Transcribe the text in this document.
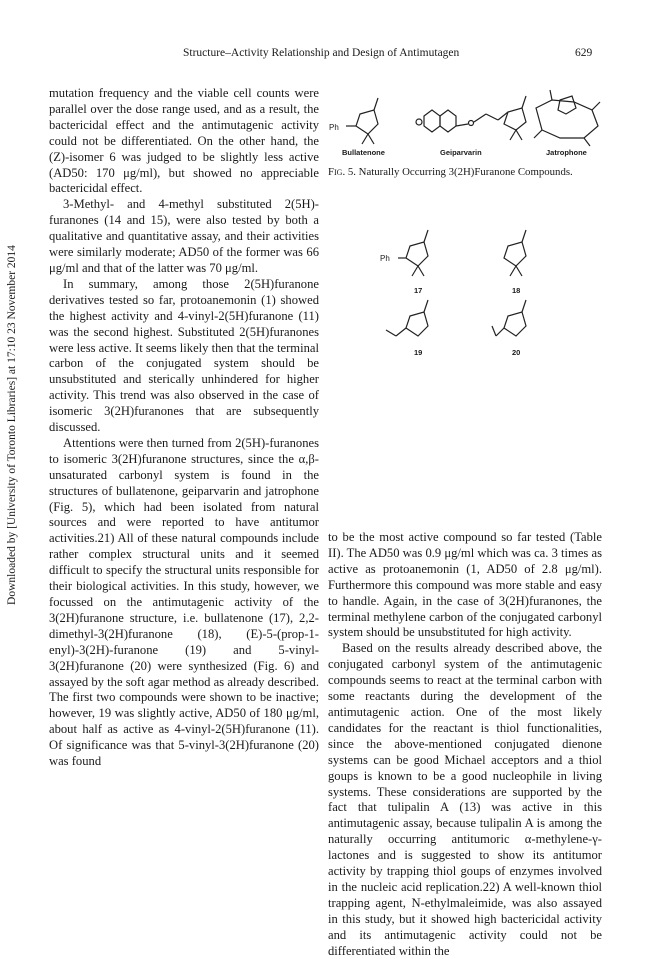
Structure–Activity Relationship and Design of Antimutagen	629
Downloaded by [University of Toronto Libraries] at 17:10 23 November 2014

mutation frequency and the viable cell counts were parallel over the dose range used, and as a result, the bactericidal effect and the antimutagenic activity could not be differentiated. On the other hand, the (Z)-isomer 6 was judged to be slightly less active (AD50: 170 μg/ml), but showed no appreciable bactericidal effect.

3-Methyl- and 4-methyl substituted 2(5H)-furanones (14 and 15), were also tested by both a qualitative and quantitative assay, and their activities were similarly moderate; AD50 of the former was 66 μg/ml and that of the latter was 70 μg/ml.

In summary, among those 2(5H)furanone derivatives tested so far, protoanemonin (1) showed the highest activity and 4-vinyl-2(5H)furanone (11) was the second highest. Substituted 2(5H)furanones were less active. It seems likely then that the terminal carbon of the conjugated system should be unsubstituted and sterically unhindered for higher activity. This trend was also observed in the case of isomeric 3(2H)furanones that are subsequently discussed.

Attentions were then turned from 2(5H)-furanones to isomeric 3(2H)furanone structures, since the α,β-unsaturated carbonyl system is found in the structures of bullatenone, geiparvarin and jatrophone (Fig. 5), which had been isolated from natural sources and were reported to have antitumor activities.21) All of these natural compounds include rather complex structural units and it seemed difficult to specify the structural units responsible for their biological activities. In this study, however, we focussed on the antimutagenic activity of the 3(2H)furanone structure, i.e. bullatenone (17), 2,2-dimethyl-3(2H)furanone (18), (E)-5-(prop-1-enyl)-3(2H)-furanone (19) and 5-vinyl-3(2H)furanone (20) were synthesized (Fig. 6) and assayed by the soft agar method as already described. The first two compounds were shown to be inactive; however, 19 was slightly active, AD50 of 180 μg/ml, about half as active as 4-vinyl-2(5H)furanone (11). Of significance was that 5-vinyl-3(2H)furanone (20) was found

Ph
Bullatenone	Geiparvarin	Jatrophone
Fig. 5. Naturally Occurring 3(2H)Furanone Compounds.
Ph
17	18
19	20

to be the most active compound so far tested (Table II). The AD50 was 0.9 μg/ml which was ca. 3 times as active as protoanemonin (1, AD50 of 2.8 μg/ml). Furthermore this compound was more stable and easy to handle. Again, in the case of 3(2H)furanones, the terminal methylene carbon of the conjugated carbonyl system should be unsubstituted for high activity.

Based on the results already described above, the conjugated carbonyl system of the antimutagenic compounds seems to react at the terminal carbon with some reactants during the development of the antimutagenic action. One of the most likely candidates for the reactant is thiol functionalities, since the above-mentioned conjugated dienone systems can be good Michael acceptors and a thiol goups is known to be a good nucleophile in living systems. These considerations are supported by the fact that tulipalin A (13) was active in this antimutagenic assay, because tulipalin A is among the naturally occurring antitumoric α-methylene-γ-lactones and is suggested to show its antitumor activity by trapping thiol goups of enzymes involved in the nucleic acid replication.22) A well-known thiol trapping agent, N-ethylmaleimide, was also assayed in this study, but it showed high bactericidal activity and its antimutagenic activity could not be differentiated within the
